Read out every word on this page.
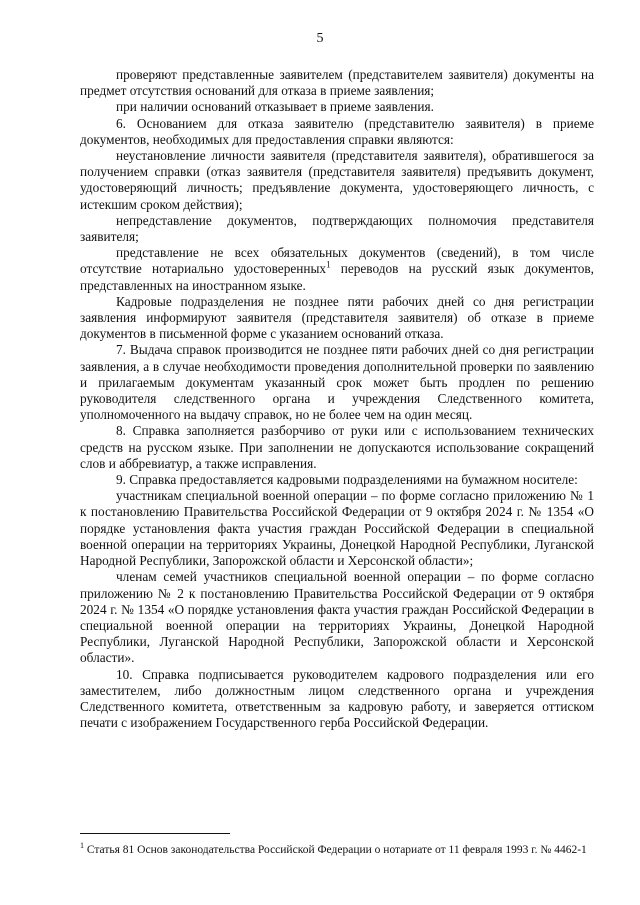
5

проверяют представленные заявителем (представителем заявителя) документы на предмет отсутствия оснований для отказа в приеме заявления;

при наличии оснований отказывает в приеме заявления.

6. Основанием для отказа заявителю (представителю заявителя) в приеме документов, необходимых для предоставления справки являются:

неустановление личности заявителя (представителя заявителя), обратившегося за получением справки (отказ заявителя (представителя заявителя) предъявить документ, удостоверяющий личность; предъявление документа, удостоверяющего личность, с истекшим сроком действия);

непредставление документов, подтверждающих полномочия представителя заявителя;

представление не всех обязательных документов (сведений), в том числе отсутствие нотариально удостоверенных$^1$ переводов на русский язык документов, представленных на иностранном языке.

Кадровые подразделения не позднее пяти рабочих дней со дня регистрации заявления информируют заявителя (представителя заявителя) об отказе в приеме документов в письменной форме с указанием оснований отказа.

7. Выдача справок производится не позднее пяти рабочих дней со дня регистрации заявления, а в случае необходимости проведения дополнительной проверки по заявлению и прилагаемым документам указанный срок может быть продлен по решению руководителя следственного органа и учреждения Следственного комитета, уполномоченного на выдачу справок, но не более чем на один месяц.

8. Справка заполняется разборчиво от руки или с использованием технических средств на русском языке. При заполнении не допускаются использование сокращений слов и аббревиатур, а также исправления.

9. Справка предоставляется кадровыми подразделениями на бумажном носителе:

участникам специальной военной операции – по форме согласно приложению № 1 к постановлению Правительства Российской Федерации от 9 октября 2024 г. № 1354 «О порядке установления факта участия граждан Российской Федерации в специальной военной операции на территориях Украины, Донецкой Народной Республики, Луганской Народной Республики, Запорожской области и Херсонской области»;

членам семей участников специальной военной операции – по форме согласно приложению № 2 к постановлению Правительства Российской Федерации от 9 октября 2024 г. № 1354 «О порядке установления факта участия граждан Российской Федерации в специальной военной операции на территориях Украины, Донецкой Народной Республики, Луганской Народной Республики, Запорожской области и Херсонской области».

10. Справка подписывается руководителем кадрового подразделения или его заместителем, либо должностным лицом следственного органа и учреждения Следственного комитета, ответственным за кадровую работу, и заверяется оттиском печати с изображением Государственного герба Российской Федерации.

$^1$ Статья 81 Основ законодательства Российской Федерации о нотариате от 11 февраля 1993 г. № 4462-1
